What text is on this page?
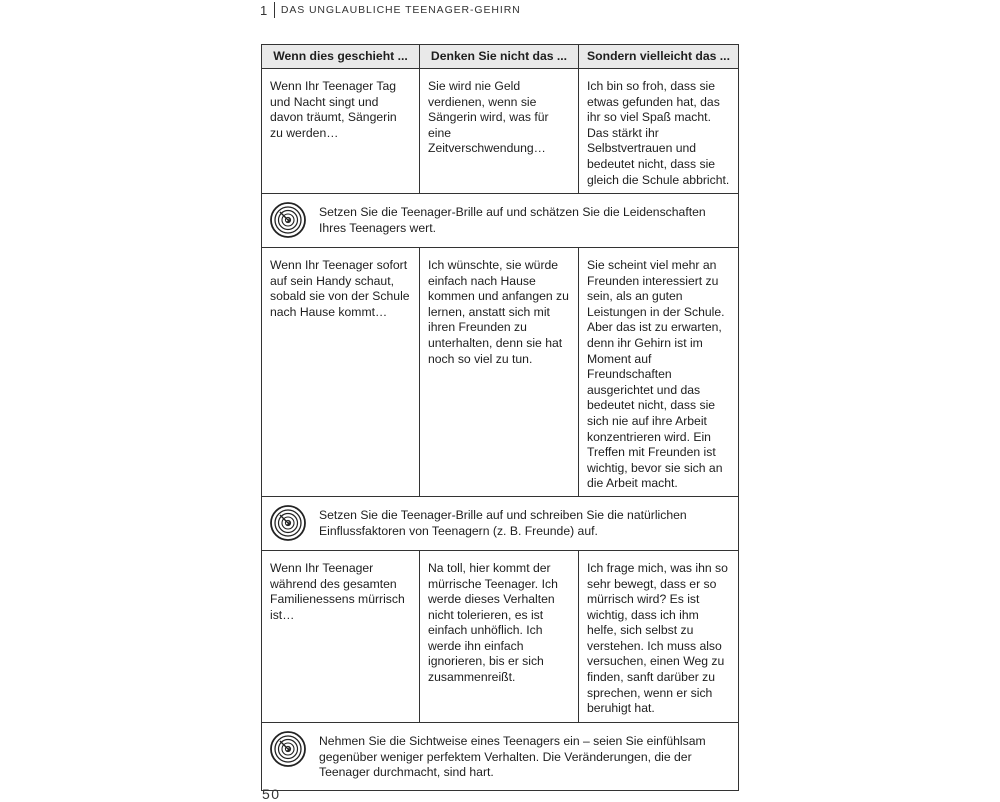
1 DAS UNGLAUBLICHE TEENAGER-GEHIRN
Wenn dies geschieht ...	Denken Sie nicht das ...	Sondern vielleicht das ...
Wenn Ihr Teenager Tag und Nacht singt und davon träumt, Sängerin zu werden…	Sie wird nie Geld verdienen, wenn sie Sängerin wird, was für eine Zeitverschwendung…	Ich bin so froh, dass sie etwas gefunden hat, das ihr so viel Spaß macht. Das stärkt ihr Selbstvertrauen und bedeutet nicht, dass sie gleich die Schule abbricht.

Setzen Sie die Teenager-Brille auf und schätzen Sie die Leidenschaften Ihres Teenagers wert.		

Wenn Ihr Teenager sofort auf sein Handy schaut, sobald sie von der Schule nach Hause kommt…	Ich wünschte, sie würde einfach nach Hause kommen und anfangen zu lernen, anstatt sich mit ihren Freunden zu unterhalten, denn sie hat noch so viel zu tun.	Sie scheint viel mehr an Freunden interessiert zu sein, als an guten Leistungen in der Schule. Aber das ist zu erwarten, denn ihr Gehirn ist im Moment auf Freundschaften ausgerichtet und das bedeutet nicht, dass sie sich nie auf ihre Arbeit konzentrieren wird. Ein Treffen mit Freunden ist wichtig, bevor sie sich an die Arbeit macht.

Setzen Sie die Teenager-Brille auf und schreiben Sie die natürlichen Einflussfaktoren von Teenagern (z. B. Freunde) auf.		

Wenn Ihr Teenager während des gesamten Familienessens mürrisch ist…	Na toll, hier kommt der mürrische Teenager. Ich werde dieses Verhalten nicht tolerieren, es ist einfach unhöflich. Ich werde ihn einfach ignorieren, bis er sich zusammenreißt.	Ich frage mich, was ihn so sehr bewegt, dass er so mürrisch wird? Es ist wichtig, dass ich ihm helfe, sich selbst zu verstehen. Ich muss also versuchen, einen Weg zu finden, sanft darüber zu sprechen, wenn er sich beruhigt hat.

Nehmen Sie die Sichtweise eines Teenagers ein – seien Sie einfühlsam gegenüber weniger perfektem Verhalten. Die Veränderungen, die der Teenager durchmacht, sind hart.		
50
